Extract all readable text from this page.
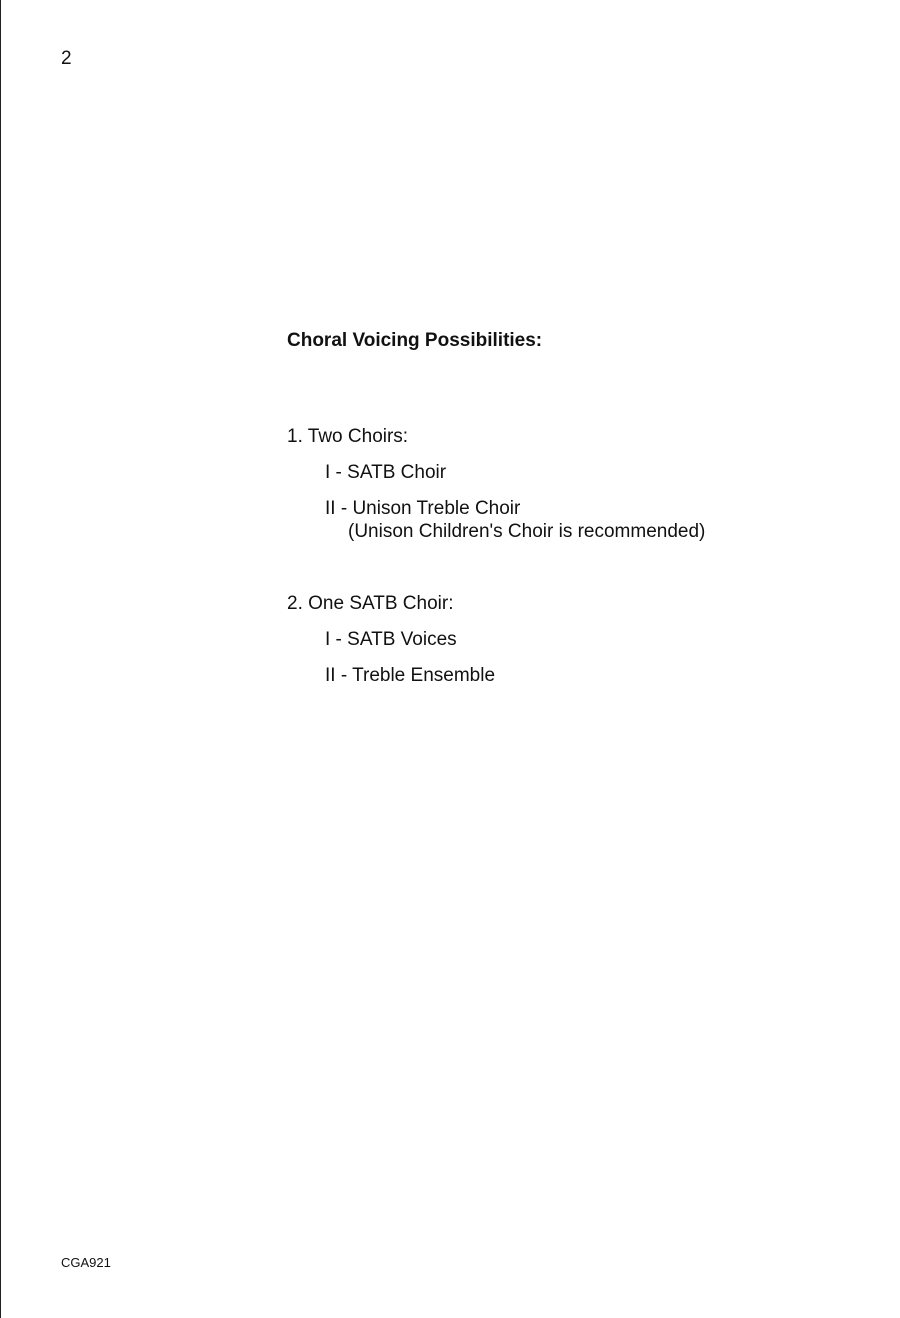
2
Choral Voicing Possibilities:
1. Two Choirs:
I - SATB Choir
II - Unison Treble Choir
(Unison Children's Choir is recommended)
2. One SATB Choir:
I - SATB Voices
II - Treble Ensemble
CGA921
